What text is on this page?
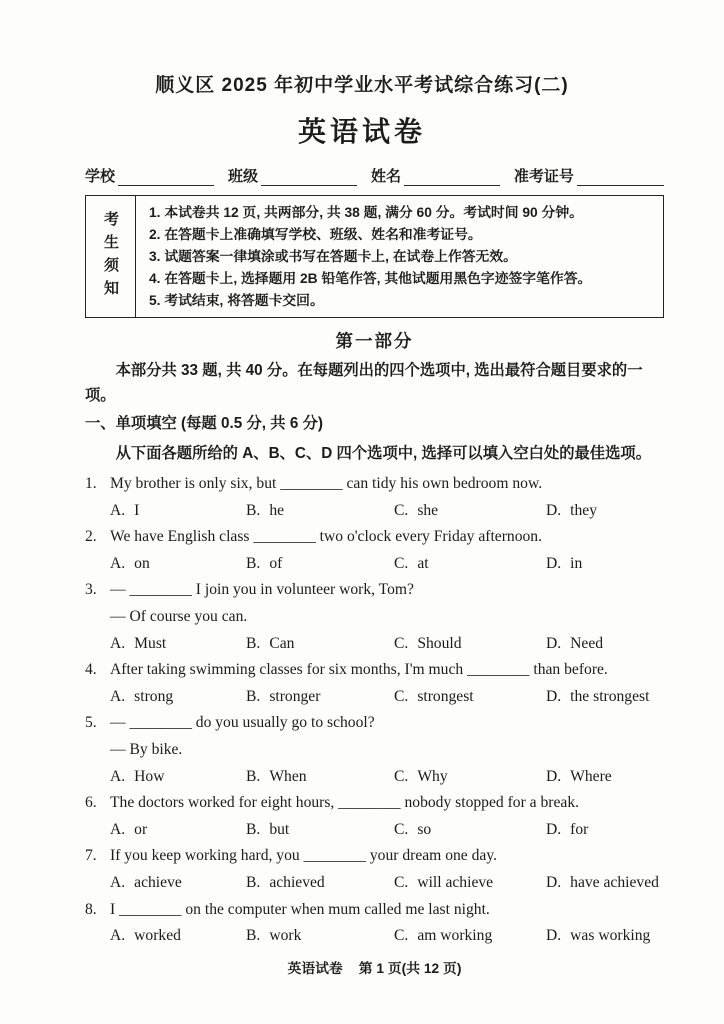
顺义区 2025 年初中学业水平考试综合练习(二)
英语试卷
学校	班级	姓名	准考证号
考生须知	1. 本试卷共 12 页, 共两部分, 共 38 题, 满分 60 分。考试时间 90 分钟。
2. 在答题卡上准确填写学校、班级、姓名和准考证号。
3. 试题答案一律填涂或书写在答题卡上, 在试卷上作答无效。
4. 在答题卡上, 选择题用 2B 铅笔作答, 其他试题用黑色字迹签字笔作答。
5. 考试结束, 将答题卡交回。
第一部分

本部分共 33 题, 共 40 分。在每题列出的四个选项中, 选出最符合题目要求的一项。

一、单项填空 (每题 0.5 分, 共 6 分)

从下面各题所给的 A、B、C、D 四个选项中, 选择可以填入空白处的最佳选项。

1. My brother is only six, but ________ can tidy his own bedroom now.
A. I	B. he	C. she	D. they
2. We have English class ________ two o'clock every Friday afternoon.
A. on	B. of	C. at	D. in
3. — ________ I join you in volunteer work, Tom?
— Of course you can.
A. Must	B. Can	C. Should	D. Need
4. After taking swimming classes for six months, I'm much ________ than before.
A. strong	B. stronger	C. strongest	D. the strongest
5. — ________ do you usually go to school?
— By bike.
A. How	B. When	C. Why	D. Where
6. The doctors worked for eight hours, ________ nobody stopped for a break.
A. or	B. but	C. so	D. for
7. If you keep working hard, you ________ your dream one day.
A. achieve	B. achieved	C. will achieve	D. have achieved
8. I ________ on the computer when mum called me last night.
A. worked	B. work	C. am working	D. was working
英语试卷 第 1 页(共 12 页)
